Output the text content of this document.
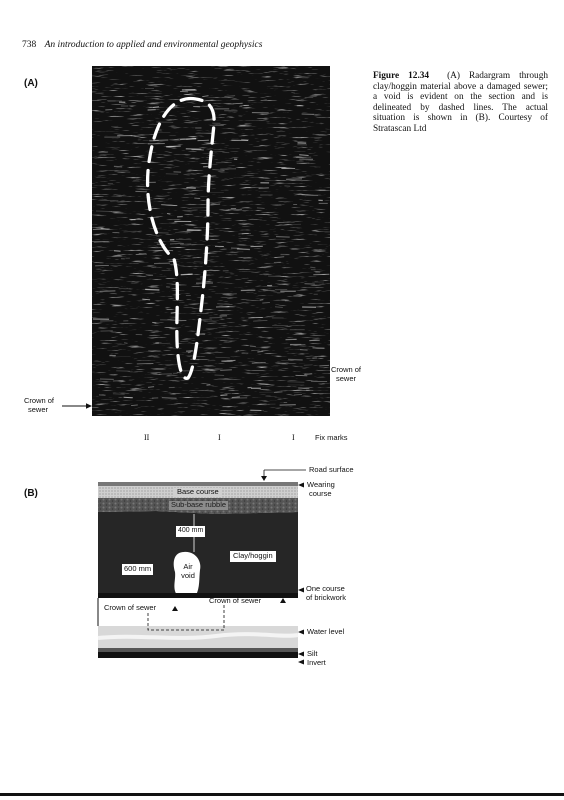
738 An introduction to applied and environmental geophysics
(A)
(B)
Figure 12.34 (A) Radargram through clay/hoggin material above a damaged sewer; a void is evident on the section and is delineated by dashed lines. The actual situation is shown in (B). Courtesy of Stratascan Ltd
Crown of
sewer
Crown of
sewer
II	I	I	Fix marks
Base course
Sub-base rubble
400 mm
Clay/hoggin
600 mm	Air
void
Crown of sewer
Crown of sewer
Road surface
Wearing
course
One course
of brickwork
Water level
Silt
Invert
